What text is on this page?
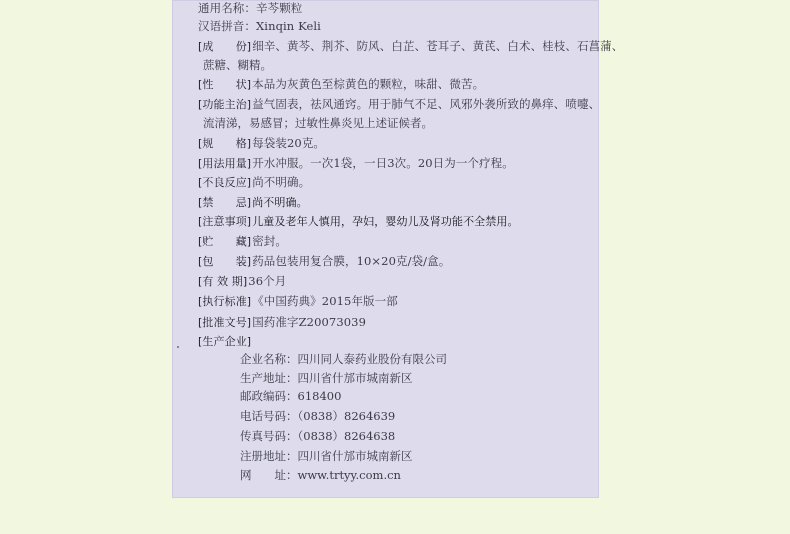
通用名称：辛芩颗粒
汉语拼音：Xinqin Keli
[成　　份]细辛、黄芩、荆芥、防风、白芷、苍耳子、黄芪、白术、桂枝、石菖蒲、
蔗糖、糊精。
[性　　状]本品为灰黄色至棕黄色的颗粒，味甜、微苦。
[功能主治]益气固表，祛风通窍。用于肺气不足、风邪外袭所致的鼻痒、喷嚏、
流清涕，易感冒；过敏性鼻炎见上述证候者。
[规　　格]每袋装20克。
[用法用量]开水冲服。一次1袋，一日3次。20日为一个疗程。
[不良反应]尚不明确。
[禁　　忌]尚不明确。
[注意事项]儿童及老年人慎用，孕妇，婴幼儿及肾功能不全禁用。
[贮　　藏]密封。
[包　　装]药品包装用复合膜，10×20克/袋/盒。
[有 效 期]36个月
[执行标准]《中国药典》2015年版一部
[批准文号]国药准字Z20073039
[生产企业]
企业名称：四川同人泰药业股份有限公司
生产地址：四川省什邡市城南新区
邮政编码：618400
电话号码：（0838）8264639
传真号码：（0838）8264638
注册地址：四川省什邡市城南新区
网　　址：www.trtyy.com.cn
